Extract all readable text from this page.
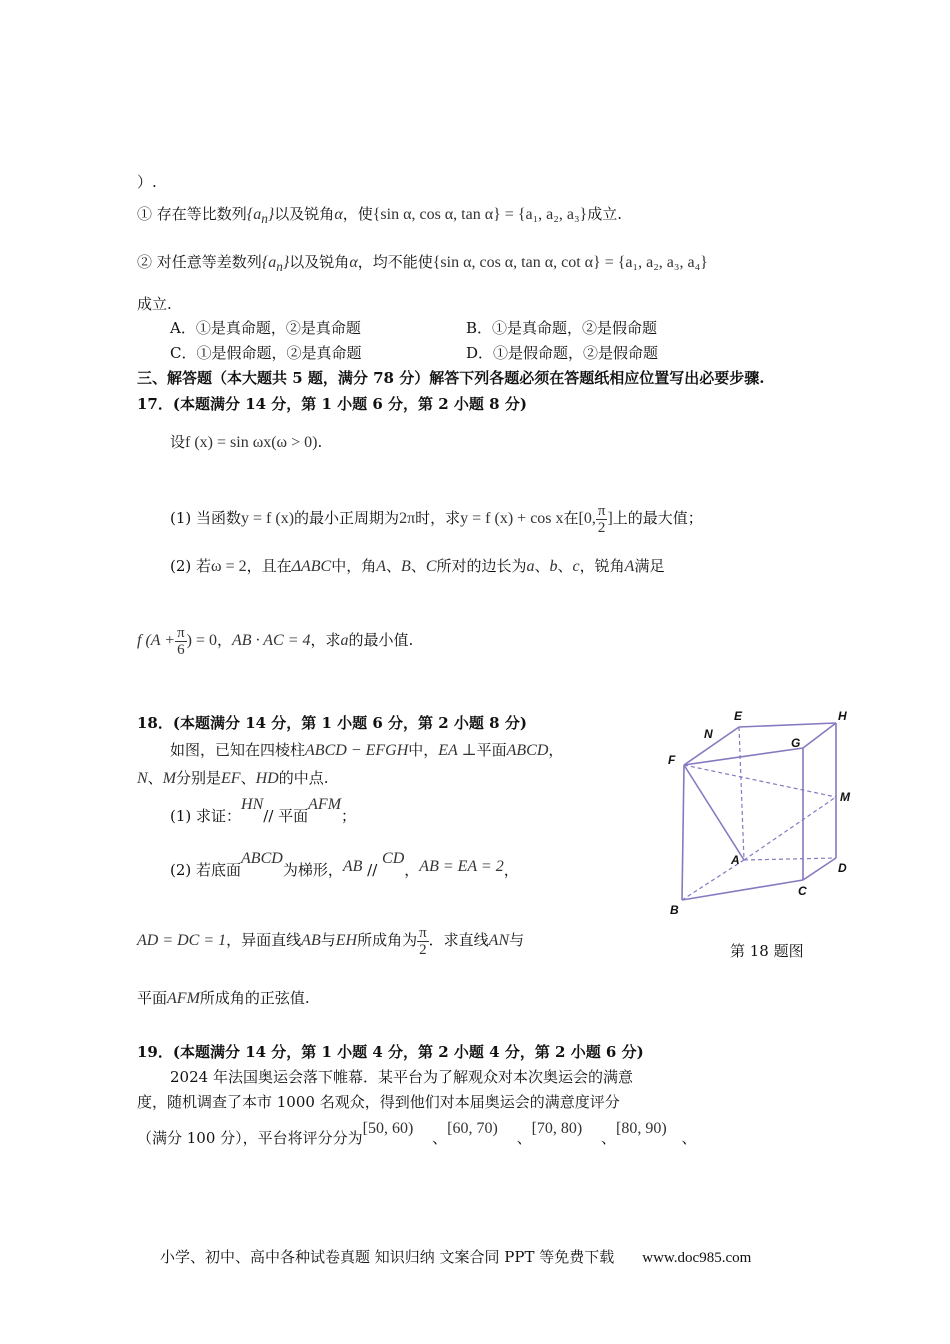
）.
① 存在等比数列$\{a_n\}$以及锐角α，使{sin α, cos α, tan α} = {a₁, a₂, a₃}成立.
② 对任意等差数列$\{a_n\}$以及锐角α，均不能使{sin α, cos α, tan α, cot α} = {a₁, a₂, a₃, a₄}
成立.
A．①是真命题，②是真命题	B．①是真命题，②是假命题
C．①是假命题，②是真命题	D．①是假命题，②是假命题
三、解答题（本大题共 5 题，满分 78 分）解答下列各题必须在答题纸相应位置写出必要步骤.
17．(本题满分 14 分，第 1 小题 6 分，第 2 小题 8 分)
设f (x) = sin ωx(ω > 0).
(1) 当函数y = f (x)的最小正周期为2π时，求y = f (x) + cos x在[0, $\frac{\pi}{2}$ ]上的最大值；
(2) 若ω = 2，且在ΔABC中，角A、B、C所对的边长为a、b、c，锐角A满足
f ($A + \frac{\pi}{6}$ ) = 0，AB · AC = 4，求a的最小值.
18．(本题满分 14 分，第 1 小题 6 分，第 2 小题 8 分)
如图，已知在四棱柱ABCD − EFGH中，EA ⊥平面ABCD，
N、M分别是EF、HD的中点.
(1) 求证：HN// 平面AFM；
(2) 若底面ABCD为梯形，AB // CD，AB = EA = 2，
AD = DC = 1，异面直线AB与EH所成角为 $\frac{\pi}{2}$ ．求直线AN与
平面AFM所成角的正弦值.
E	H
N
G
F
M
A
D
C
B
第 18 题图
19．(本题满分 14 分，第 1 小题 4 分，第 2 小题 4 分，第 2 小题 6 分)
2024 年法国奥运会落下帷幕．某平台为了解观众对本次奥运会的满意
度，随机调查了本市 1000 名观众，得到他们对本届奥运会的满意度评分
（满分 100 分），平台将评分分为[50, 60) 、[60, 70) 、[70, 80) 、[80, 90) 、
小学、初中、高中各种试卷真题 知识归纳 文案合同 PPT 等免费下载 www.doc985.com
